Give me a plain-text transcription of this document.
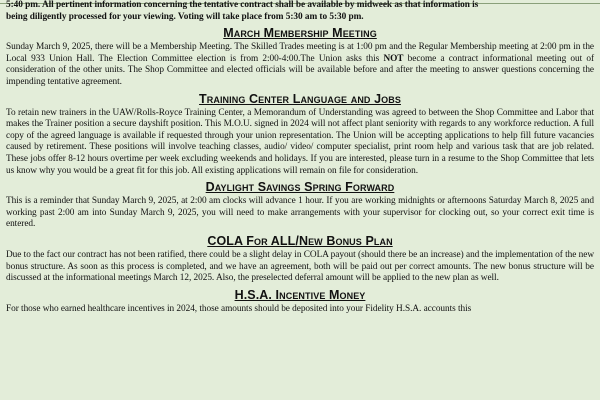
5:40 pm. All pertinent information concerning the tentative contract shall be available by midweek as that information is
being diligently processed for your viewing. Voting will take place from 5:30 am to 5:30 pm.

March Membership Meeting

Sunday March 9, 2025, there will be a Membership Meeting. The Skilled Trades meeting is at 1:00 pm and the Regular Membership meeting at 2:00 pm in the Local 933 Union Hall. The Election Committee election is from 2:00-4:00.The Union asks this NOT become a contract informational meeting out of consideration of the other units. The Shop Committee and elected officials will be available before and after the meeting to answer questions concerning the impending tentative agreement.

Training Center Language and Jobs

To retain new trainers in the UAW/Rolls-Royce Training Center, a Memorandum of Understanding was agreed to between the Shop Committee and Labor that makes the Trainer position a secure dayshift position. This M.O.U. signed in 2024 will not affect plant seniority with regards to any workforce reduction. A full copy of the agreed language is available if requested through your union representation. The Union will be accepting applications to help fill future vacancies caused by retirement. These positions will involve teaching classes, audio/ video/ computer specialist, print room help and various task that are job related. These jobs offer 8-12 hours overtime per week excluding weekends and holidays. If you are interested, please turn in a resume to the Shop Committee that lets us know why you would be a great fit for this job. All existing applications will remain on file for consideration.

Daylight Savings Spring Forward

This is a reminder that Sunday March 9, 2025, at 2:00 am clocks will advance 1 hour. If you are working midnights or afternoons Saturday March 8, 2025 and working past 2:00 am into Sunday March 9, 2025, you will need to make arrangements with your supervisor for clocking out, so your correct exit time is entered.

COLA For ALL/New Bonus Plan

Due to the fact our contract has not been ratified, there could be a slight delay in COLA payout (should there be an increase) and the implementation of the new bonus structure. As soon as this process is completed, and we have an agreement, both will be paid out per correct amounts. The new bonus structure will be discussed at the informational meetings March 12, 2025. Also, the preselected deferral amount will be applied to the new plan as well.

H.S.A. Incentive Money

For those who earned healthcare incentives in 2024, those amounts should be deposited into your Fidelity H.S.A. accounts this
